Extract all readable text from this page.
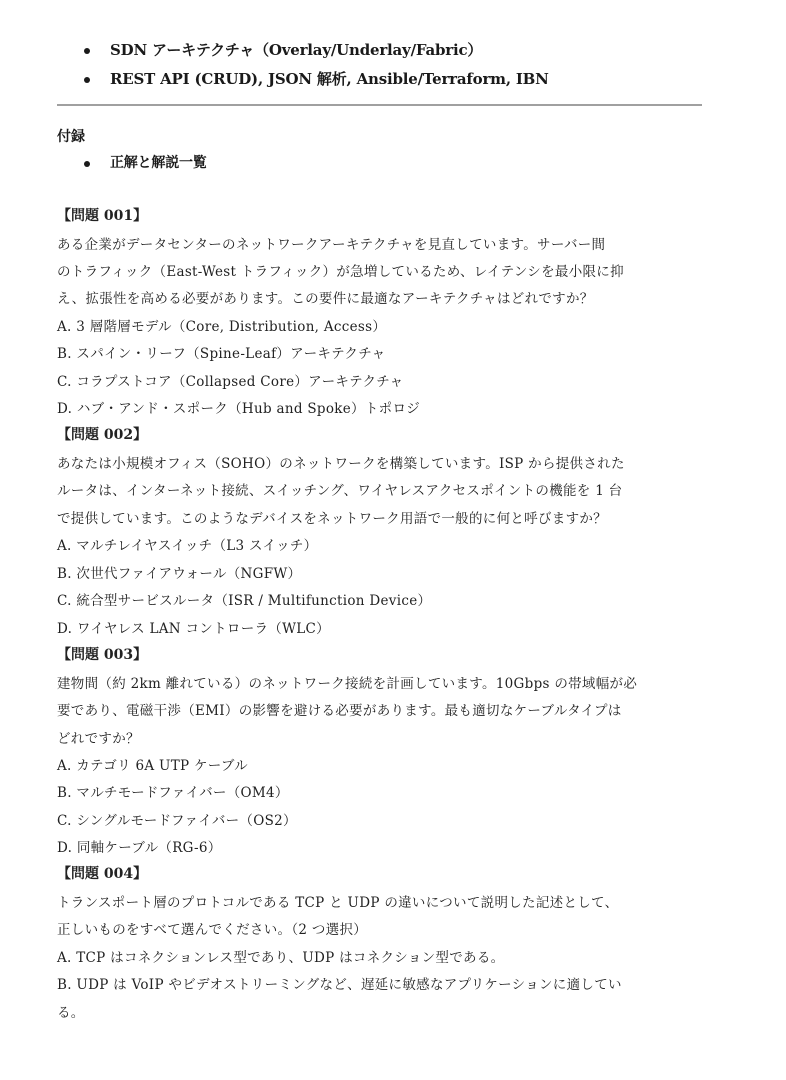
SDN アーキテクチャ（Overlay/Underlay/Fabric）
REST API (CRUD), JSON 解析, Ansible/Terraform, IBN
付録
正解と解説一覧
【問題 001】
ある企業がデータセンターのネットワークアーキテクチャを見直しています。サーバー間
のトラフィック（East-West トラフィック）が急増しているため、レイテンシを最小限に抑
え、拡張性を高める必要があります。この要件に最適なアーキテクチャはどれですか？
A. 3 層階層モデル（Core, Distribution, Access）
B. スパイン・リーフ（Spine-Leaf）アーキテクチャ
C. コラプストコア（Collapsed Core）アーキテクチャ
D. ハブ・アンド・スポーク（Hub and Spoke）トポロジ
【問題 002】
あなたは小規模オフィス（SOHO）のネットワークを構築しています。ISP から提供された
ルータは、インターネット接続、スイッチング、ワイヤレスアクセスポイントの機能を 1 台
で提供しています。このようなデバイスをネットワーク用語で一般的に何と呼びますか？
A. マルチレイヤスイッチ（L3 スイッチ）
B. 次世代ファイアウォール（NGFW）
C. 統合型サービスルータ（ISR / Multifunction Device）
D. ワイヤレス LAN コントローラ（WLC）
【問題 003】
建物間（約 2km 離れている）のネットワーク接続を計画しています。10Gbps の帯域幅が必
要であり、電磁干渉（EMI）の影響を避ける必要があります。最も適切なケーブルタイプは
どれですか？
A. カテゴリ 6A UTP ケーブル
B. マルチモードファイバー（OM4）
C. シングルモードファイバー（OS2）
D. 同軸ケーブル（RG-6）
【問題 004】
トランスポート層のプロトコルである TCP と UDP の違いについて説明した記述として、
正しいものをすべて選んでください。（2 つ選択）
A. TCP はコネクションレス型であり、UDP はコネクション型である。
B. UDP は VoIP やビデオストリーミングなど、遅延に敏感なアプリケーションに適してい
る。
